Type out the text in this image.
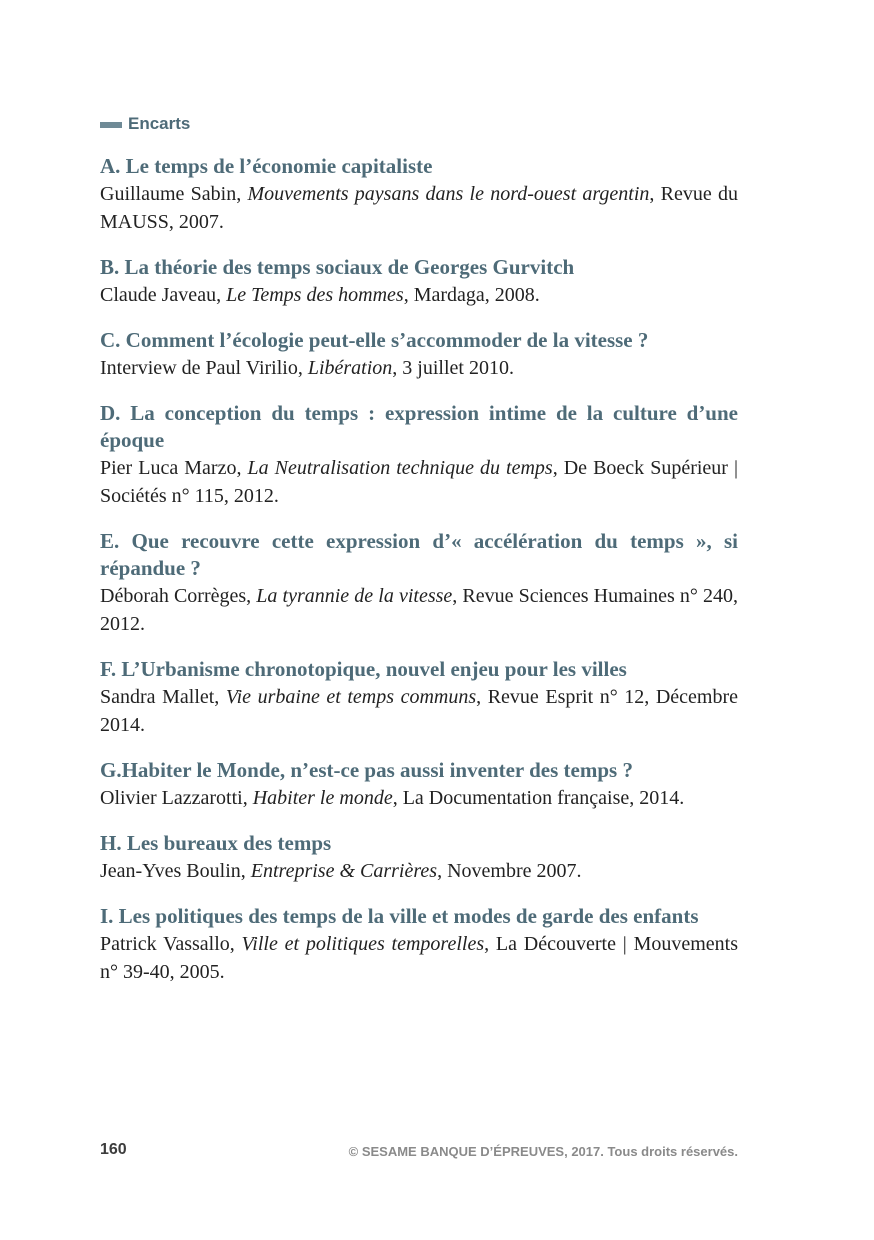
Encarts
A. Le temps de l’économie capitaliste
Guillaume Sabin, Mouvements paysans dans le nord-ouest argentin, Revue du MAUSS, 2007.
B. La théorie des temps sociaux de Georges Gurvitch
Claude Javeau, Le Temps des hommes, Mardaga, 2008.
C. Comment l’écologie peut-elle s’accommoder de la vitesse ?
Interview de Paul Virilio, Libération, 3 juillet 2010.
D. La conception du temps : expression intime de la culture d’une époque
Pier Luca Marzo, La Neutralisation technique du temps, De Boeck Supérieur | Sociétés n° 115, 2012.
E. Que recouvre cette expression d’« accélération du temps », si répandue ?
Déborah Corrèges, La tyrannie de la vitesse, Revue Sciences Humaines n° 240, 2012.
F. L’Urbanisme chronotopique, nouvel enjeu pour les villes
Sandra Mallet, Vie urbaine et temps communs, Revue Esprit n° 12, Décembre 2014.
G.Habiter le Monde, n’est-ce pas aussi inventer des temps ?
Olivier Lazzarotti, Habiter le monde, La Documentation française, 2014.
H. Les bureaux des temps
Jean-Yves Boulin, Entreprise & Carrières, Novembre 2007.
I. Les politiques des temps de la ville et modes de garde des enfants
Patrick Vassallo, Ville et politiques temporelles, La Découverte | Mouvements n° 39-40, 2005.
160	© SESAME BANQUE D’ÉPREUVES, 2017. Tous droits réservés.
